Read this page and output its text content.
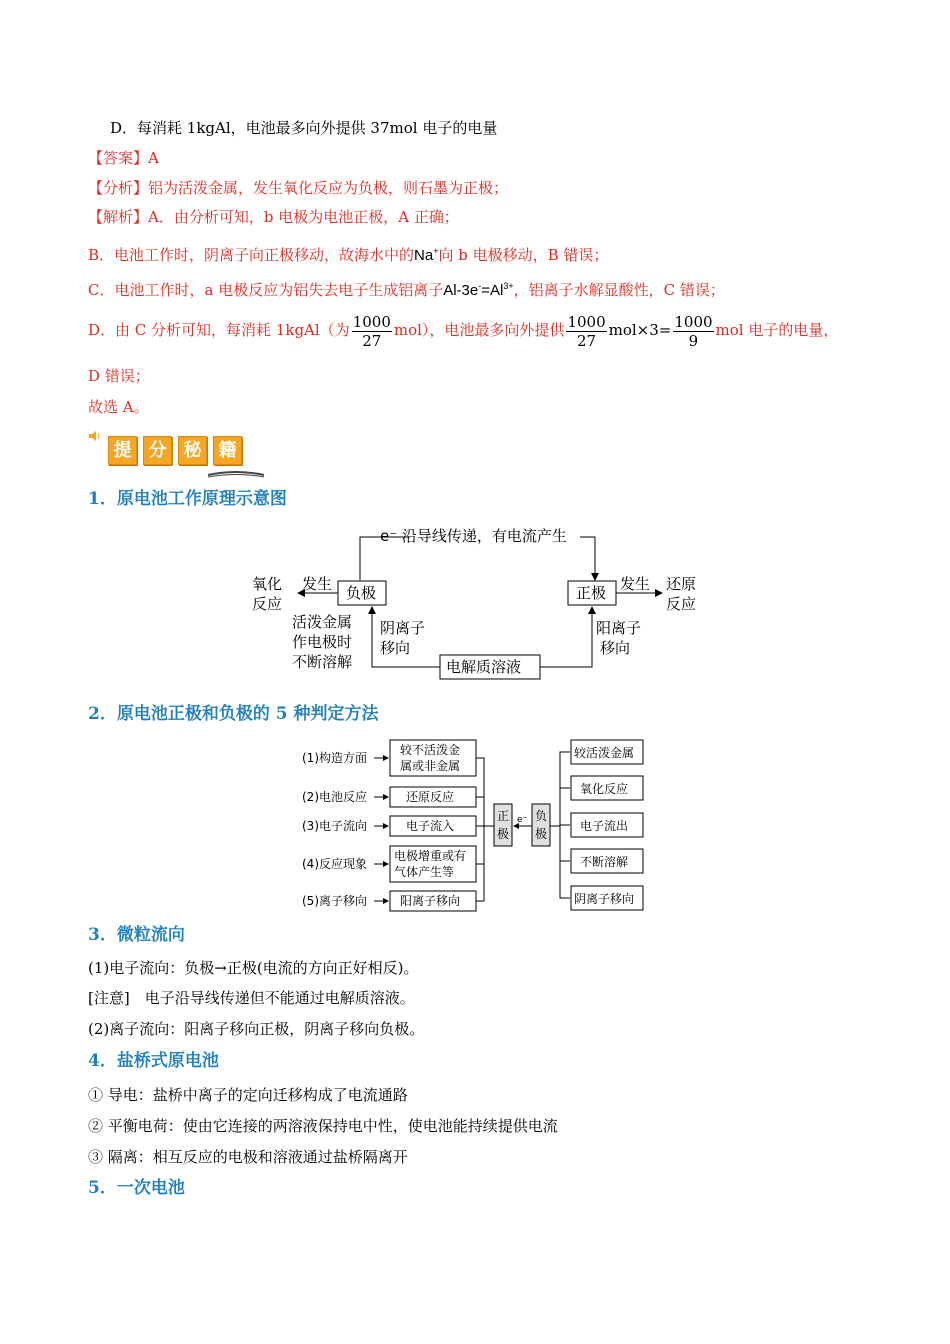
D．每消耗 1kgAl，电池最多向外提供 37mol 电子的电量
【答案】A
【分析】铝为活泼金属，发生氧化反应为负极，则石墨为正极；
【解析】A．由分析可知，b 电极为电池正极，A 正确；
B．电池工作时，阴离子向正极移动，故海水中的Na+向 b 电极移动，B 错误；
C．电池工作时，a 电极反应为铝失去电子生成铝离子$Al-3e^-=Al^{3+}$，铝离子水解显酸性，C 错误；
D．由 C 分析可知，每消耗 1kgAl（为 $\frac{1000}{27} mol$），电池最多向外提供 $\frac{1000}{27} mol\times 3= \frac{1000}{9}$ mol 电子的电量，
D 错误；
故选 A。
提 分 秘 籍
1．原电池工作原理示意图
e⁻ 沿导线传递，有电流产生
负极	正极
发生
氧化
反应
发生 还原
反应
活泼金属
作电极时
不断溶解
阴离子
移向
阳离子
移向
电解质溶液
2．原电池正极和负极的 5 种判定方法
(1)构造方面
较不活泼金
属或非金属
(2)电池反应	还原反应
(3)电子流向	电子流入
(4)反应现象
电极增重或有
气体产生等
(5)离子移向	阳离子移向
正
极
e⁻ 负
极
较活泼金属
氧化反应
电子流出
不断溶解
阴离子移向
3．微粒流向
(1)电子流向：负极→正极(电流的方向正好相反)。
[注意]　电子沿导线传递但不能通过电解质溶液。
(2)离子流向：阳离子移向正极，阴离子移向负极。
4．盐桥式原电池
① 导电：盐桥中离子的定向迁移构成了电流通路
② 平衡电荷：使由它连接的两溶液保持电中性，使电池能持续提供电流
③ 隔离：相互反应的电极和溶液通过盐桥隔离开
5．一次电池
